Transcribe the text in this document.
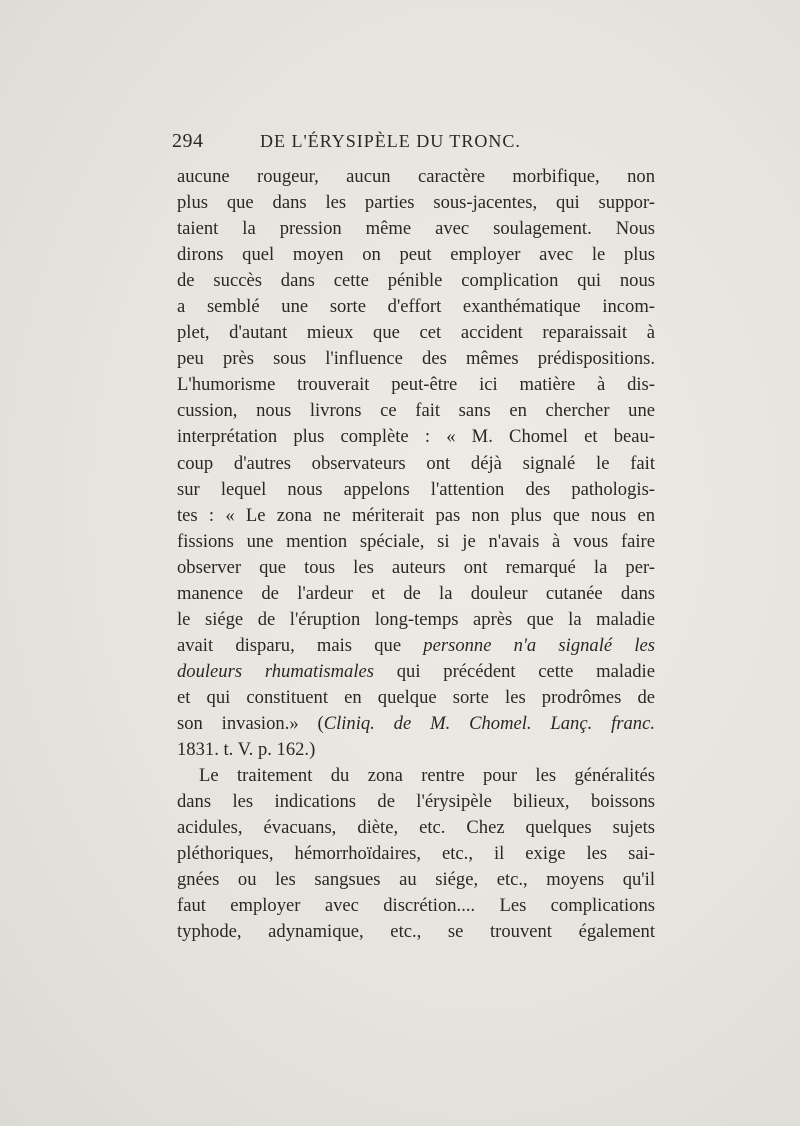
294	DE L'ÉRYSIPÈLE DU TRONC.
aucune rougeur, aucun caractère morbifique, non
plus que dans les parties sous-jacentes, qui suppor-
taient la pression même avec soulagement. Nous
dirons quel moyen on peut employer avec le plus
de succès dans cette pénible complication qui nous
a semblé une sorte d'effort exanthématique incom-
plet, d'autant mieux que cet accident reparaissait à
peu près sous l'influence des mêmes prédispositions.
L'humorisme trouverait peut-être ici matière à dis-
cussion, nous livrons ce fait sans en chercher une
interprétation plus complète : « M. Chomel et beau-
coup d'autres observateurs ont déjà signalé le fait
sur lequel nous appelons l'attention des pathologis-
tes : « Le zona ne mériterait pas non plus que nous en
fissions une mention spéciale, si je n'avais à vous faire
observer que tous les auteurs ont remarqué la per-
manence de l'ardeur et de la douleur cutanée dans
le siége de l'éruption long-temps après que la maladie
avait disparu, mais que personne n'a signalé les
douleurs rhumatismales qui précédent cette maladie
et qui constituent en quelque sorte les prodrômes de
son invasion.» (Cliniq. de M. Chomel. Lanç. franc.
1831. t. V. p. 162.)
Le traitement du zona rentre pour les généralités
dans les indications de l'érysipèle bilieux, boissons
acidules, évacuans, diète, etc. Chez quelques sujets
pléthoriques, hémorrhoïdaires, etc., il exige les sai-
gnées ou les sangsues au siége, etc., moyens qu'il
faut employer avec discrétion.... Les complications
typhode, adynamique, etc., se trouvent également
